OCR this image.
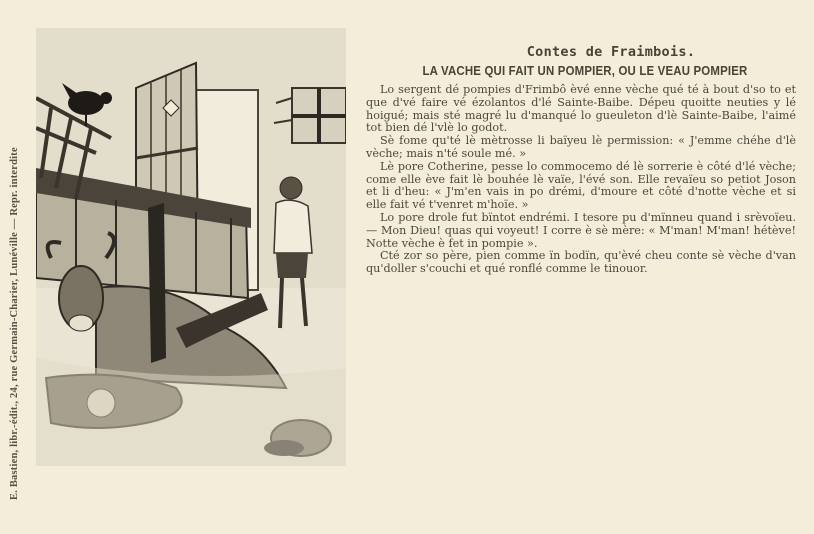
E. Bastien, libr.-édit., 24, rue Germain-Charier, Lunéville — Repr. interdite
Contes de Fraimbois.
LA VACHE QUI FAIT UN POMPIER, OU LE VEAU POMPIER

Lo sergent dé pompies d'Frimbô èvé enne vèche qué té à bout d'so to et que d'vé faire vé ézolantos d'lé Sainte-Baibe. Dépeu quoitte neuties y lé hoigué; mais sté magré lu d'manqué lo gueuleton d'lè Sainte-Baibe, l'aimé tot bien dé l'vlè lo godot.

Sè fome qu'té lè mètrosse li baïyeu lè permission: « J'emme chéhe d'lè vèche; mais n'té soule mé. »

Lè pore Cotherine, pesse lo commocemo dé lè sorrerie è côté d'lé vèche; come elle ève fait lè bouhée lè vaïe, l'évé son. Elle revaïeu so petiot Joson et li d'heu: « J'm'en vais in po drémi, d'moure et côté d'notte vèche et si elle fait vé t'venret m'hoïe. »

Lo pore drole fut bïntot endrémi. I tesore pu d'mïnneu quand i srèvoïeu. — Mon Dieu! quas qui voyeut! I corre è sè mère: « M'man! M'man! hétève! Notte vèche è fet in pompie ».

Cté zor so père, pien comme ïn bodïn, qu'èvé cheu conte sè vèche d'van qu'doller s'couchi et qué ronflé comme le tinouor.
